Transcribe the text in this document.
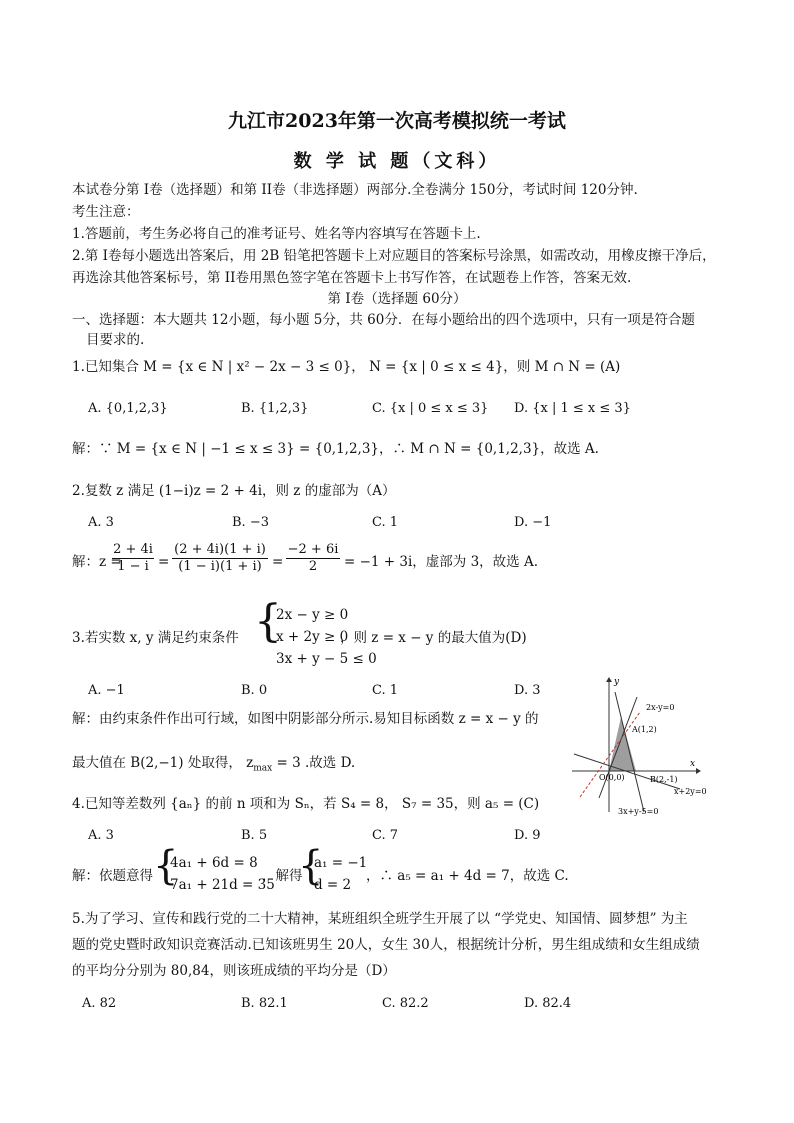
九江市2023年第一次高考模拟统一考试
数 学 试 题（文科）
本试卷分第 I卷（选择题）和第 II卷（非选择题）两部分.全卷满分 150分，考试时间 120分钟.
考生注意：
1.答题前，考生务必将自己的准考证号、姓名等内容填写在答题卡上.
2.第 I卷每小题选出答案后，用 2B 铅笔把答题卡上对应题目的答案标号涂黑，如需改动，用橡皮擦干净后，
再选涂其他答案标号，第 II卷用黑色签字笔在答题卡上书写作答，在试题卷上作答，答案无效.
第 I卷（选择题 60分）
一、选择题：本大题共 12小题，每小题 5分，共 60分．在每小题给出的四个选项中，只有一项是符合题
目要求的.
1.已知集合 M = {x ∈ N | x² − 2x − 3 ≤ 0}， N = {x | 0 ≤ x ≤ 4}，则 M ∩ N = (A)
A. {0,1,2,3}	B. {1,2,3}	C. {x | 0 ≤ x ≤ 3} D. {x | 1 ≤ x ≤ 3}
解：∵ M = {x ∈ N | −1 ≤ x ≤ 3} = {0,1,2,3}，∴ M ∩ N = {0,1,2,3}，故选 A.
2.复数 z 满足 (1−i)z = 2 + 4i，则 z 的虚部为（A）
A. 3	B. −3	C. 1	D. −1
解：z =
$\frac{2 + 4i}{1 - i} = \frac{(2 + 4i)(1 + i)}{(1 - i)(1 + i)} = \frac{-2 + 6i}{2} = -1 + 3i$，虚部为 3，故选 A.
3.若实数 x, y 满足约束条件 {
2x − y ≥ 0
x + 2y ≥ 0
3x + y − 5 ≤ 0
，则 z = x − y 的最大值为(D)
A. −1	B. 0	C. 1	D. 3
解：由约束条件作出可行域，如图中阴影部分所示.易知目标函数 z = x − y 的
最大值在 B(2,−1) 处取得， $z_{max} = 3$ .故选 D.
y
x
2x-y=0
A(1,2)
O(0,0)	B(2,-1)
x+2y=0
3x+y-5=0
4.已知等差数列 {aₙ} 的前 n 项和为 Sₙ，若 S₄ = 8， S₇ = 35，则 a₅ = (C)
A. 3	B. 5	C. 7	D. 9
解：依题意得 {
4a₁ + 6d = 8
7a₁ + 21d = 35
，解得
{
a₁ = −1
d = 2
，∴ a₅ = a₁ + 4d = 7，故选 C.
5.为了学习、宣传和践行党的二十大精神，某班组织全班学生开展了以 “学党史、知国情、圆梦想” 为主
题的党史暨时政知识竞赛活动.已知该班男生 20人，女生 30人，根据统计分析，男生组成绩和女生组成绩
的平均分分别为 80,84，则该班成绩的平均分是（D）
A. 82	B. 82.1	C. 82.2	D. 82.4
